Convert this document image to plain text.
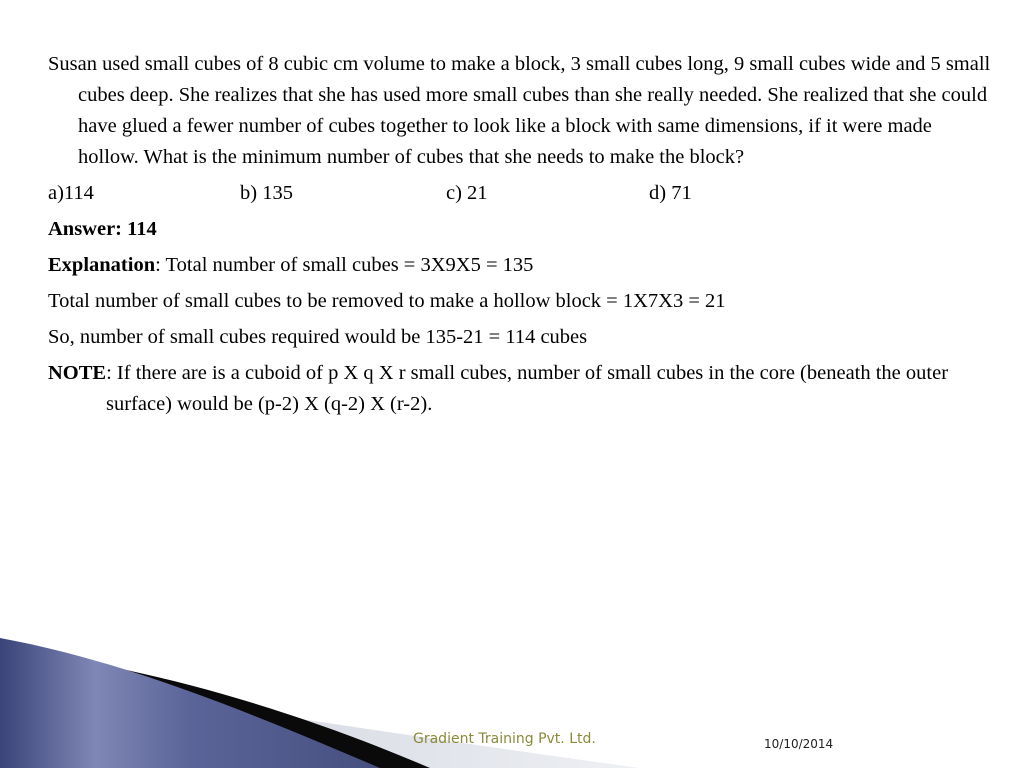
Susan used small cubes of 8 cubic cm volume to make a block, 3 small cubes long, 9 small cubes wide and 5 small cubes deep. She realizes that she has used more small cubes than she really needed. She realized that she could have glued a fewer number of cubes together to look like a block with same dimensions, if it were made hollow. What is the minimum number of cubes that she needs to make the block?

a)114	b) 135	c) 21	d) 71

Answer: 114

Explanation: Total number of small cubes = 3X9X5 = 135

Total number of small cubes to be removed to make a hollow block = 1X7X3 = 21

So, number of small cubes required would be 135-21 = 114 cubes

NOTE: If there are is a cuboid of p X q X r small cubes, number of small cubes in the core (beneath the outer surface) would be (p-2) X (q-2) X (r-2).

Gradient Training Pvt. Ltd.	10/10/2014
